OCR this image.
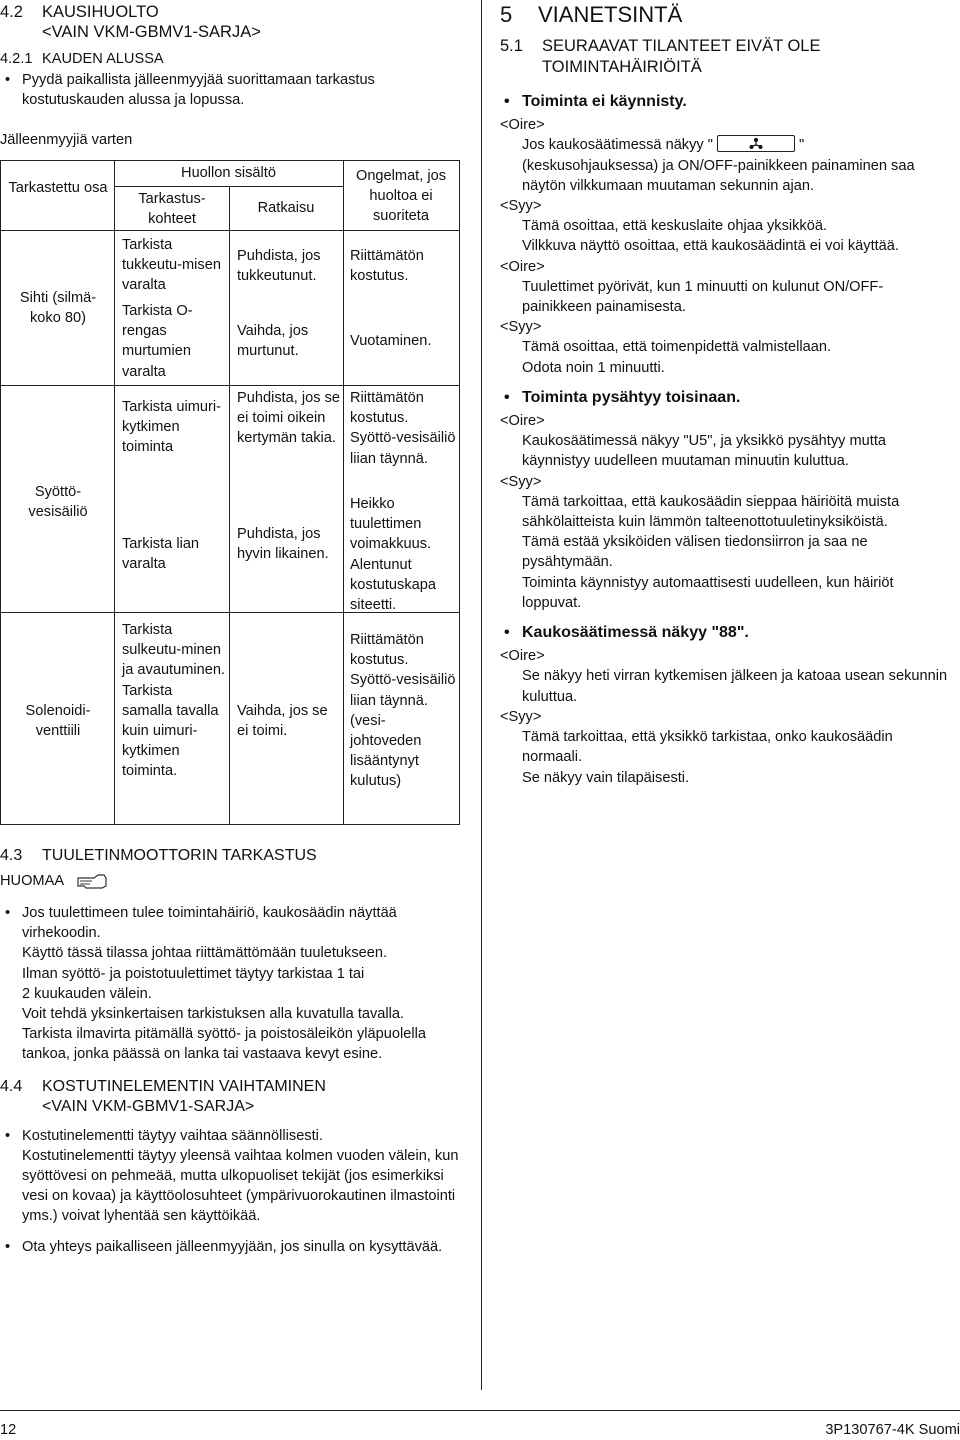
4.2 KAUSIHUOLTO
<VAIN VKM-GBMV1-SARJA>
4.2.1 KAUDEN ALUSSA
• Pyydä paikallista jälleenmyyjää suorittamaan tarkastus kostutuskauden alussa ja lopussa.
Jälleenmyyjiä varten
Tarkastettu osa
Huollon sisältö
Tarkastus-kohteet
Ratkaisu
Ongelmat, jos huoltoa ei suoriteta
Sihti (silmä-koko 80)
Syöttö-vesisäiliö
Solenoidi-venttiili
Tarkista tukkeutu-misen varalta
Puhdista, jos tukkeutunut.
Riittämätön kostutus.
Tarkista O-rengas murtumien varalta
Vaihda, jos murtunut.
Vuotaminen.
Tarkista uimuri-kytkimen toiminta
Puhdista, jos se ei toimi oikein kertymän takia.
Riittämätön kostutus. Syöttö-vesisäiliö liian täynnä.
Tarkista lian varalta
Puhdista, jos hyvin likainen.
Heikko tuulettimen voimakkuus. Alentunut kostutuskapa siteetti.
Tarkista sulkeutu-minen ja avautuminen. Tarkista samalla tavalla kuin uimuri-kytkimen toiminta.
Vaihda, jos se ei toimi.
Riittämätön kostutus. Syöttö-vesisäiliö liian täynnä. (vesi-johtoveden lisääntynyt kulutus)
4.3 TUULETINMOOTTORIN TARKASTUS
HUOMAA
• Jos tuulettimeen tulee toimintahäiriö, kaukosäädin näyttää virhekoodin.
Käyttö tässä tilassa johtaa riittämättömään tuuletukseen.
Ilman syöttö- ja poistotuulettimet täytyy tarkistaa 1 tai
2 kuukauden välein.
Voit tehdä yksinkertaisen tarkistuksen alla kuvatulla tavalla.
Tarkista ilmavirta pitämällä syöttö- ja poistosäleikön yläpuolella tankoa, jonka päässä on lanka tai vastaava kevyt esine.
4.4 KOSTUTINELEMENTIN VAIHTAMINEN
<VAIN VKM-GBMV1-SARJA>
• Kostutinelementti täytyy vaihtaa säännöllisesti.
Kostutinelementti täytyy yleensä vaihtaa kolmen vuoden välein, kun syöttövesi on pehmeää, mutta ulkopuoliset tekijät (jos esimerkiksi vesi on kovaa) ja käyttöolosuhteet (ympärivuorokautinen ilmastointi yms.) voivat lyhentää sen käyttöikää.
• Ota yhteys paikalliseen jälleenmyyjään, jos sinulla on kysyttävää.
5 VIANETSINTÄ
5.1 SEURAAVAT TILANTEET EIVÄT OLE
TOIMINTAHÄIRIÖITÄ
• Toiminta ei käynnisty.
<Oire>
Jos kaukosäätimessä näkyy "	"
(keskusohjauksessa) ja ON/OFF-painikkeen painaminen saa näytön vilkkumaan muutaman sekunnin ajan.
<Syy>
Tämä osoittaa, että keskuslaite ohjaa yksikköä.
Vilkkuva näyttö osoittaa, että kaukosäädintä ei voi käyttää.
<Oire>
Tuulettimet pyörivät, kun 1 minuutti on kulunut ON/OFF-painikkeen painamisesta.
<Syy>
Tämä osoittaa, että toimenpidettä valmistellaan.
Odota noin 1 minuutti.
• Toiminta pysähtyy toisinaan.
<Oire>
Kaukosäätimessä näkyy "U5", ja yksikkö pysähtyy mutta käynnistyy uudelleen muutaman minuutin kuluttua.
<Syy>
Tämä tarkoittaa, että kaukosäädin sieppaa häiriöitä muista sähkölaitteista kuin lämmön talteenottotuuletinyksiköistä.
Tämä estää yksiköiden välisen tiedonsiirron ja saa ne pysähtymään.
Toiminta käynnistyy automaattisesti uudelleen, kun häiriöt loppuvat.
• Kaukosäätimessä näkyy "88".
<Oire>
Se näkyy heti virran kytkemisen jälkeen ja katoaa usean sekunnin kuluttua.
<Syy>
Tämä tarkoittaa, että yksikkö tarkistaa, onko kaukosäädin normaali.
Se näkyy vain tilapäisesti.
12	3P130767-4K Suomi
